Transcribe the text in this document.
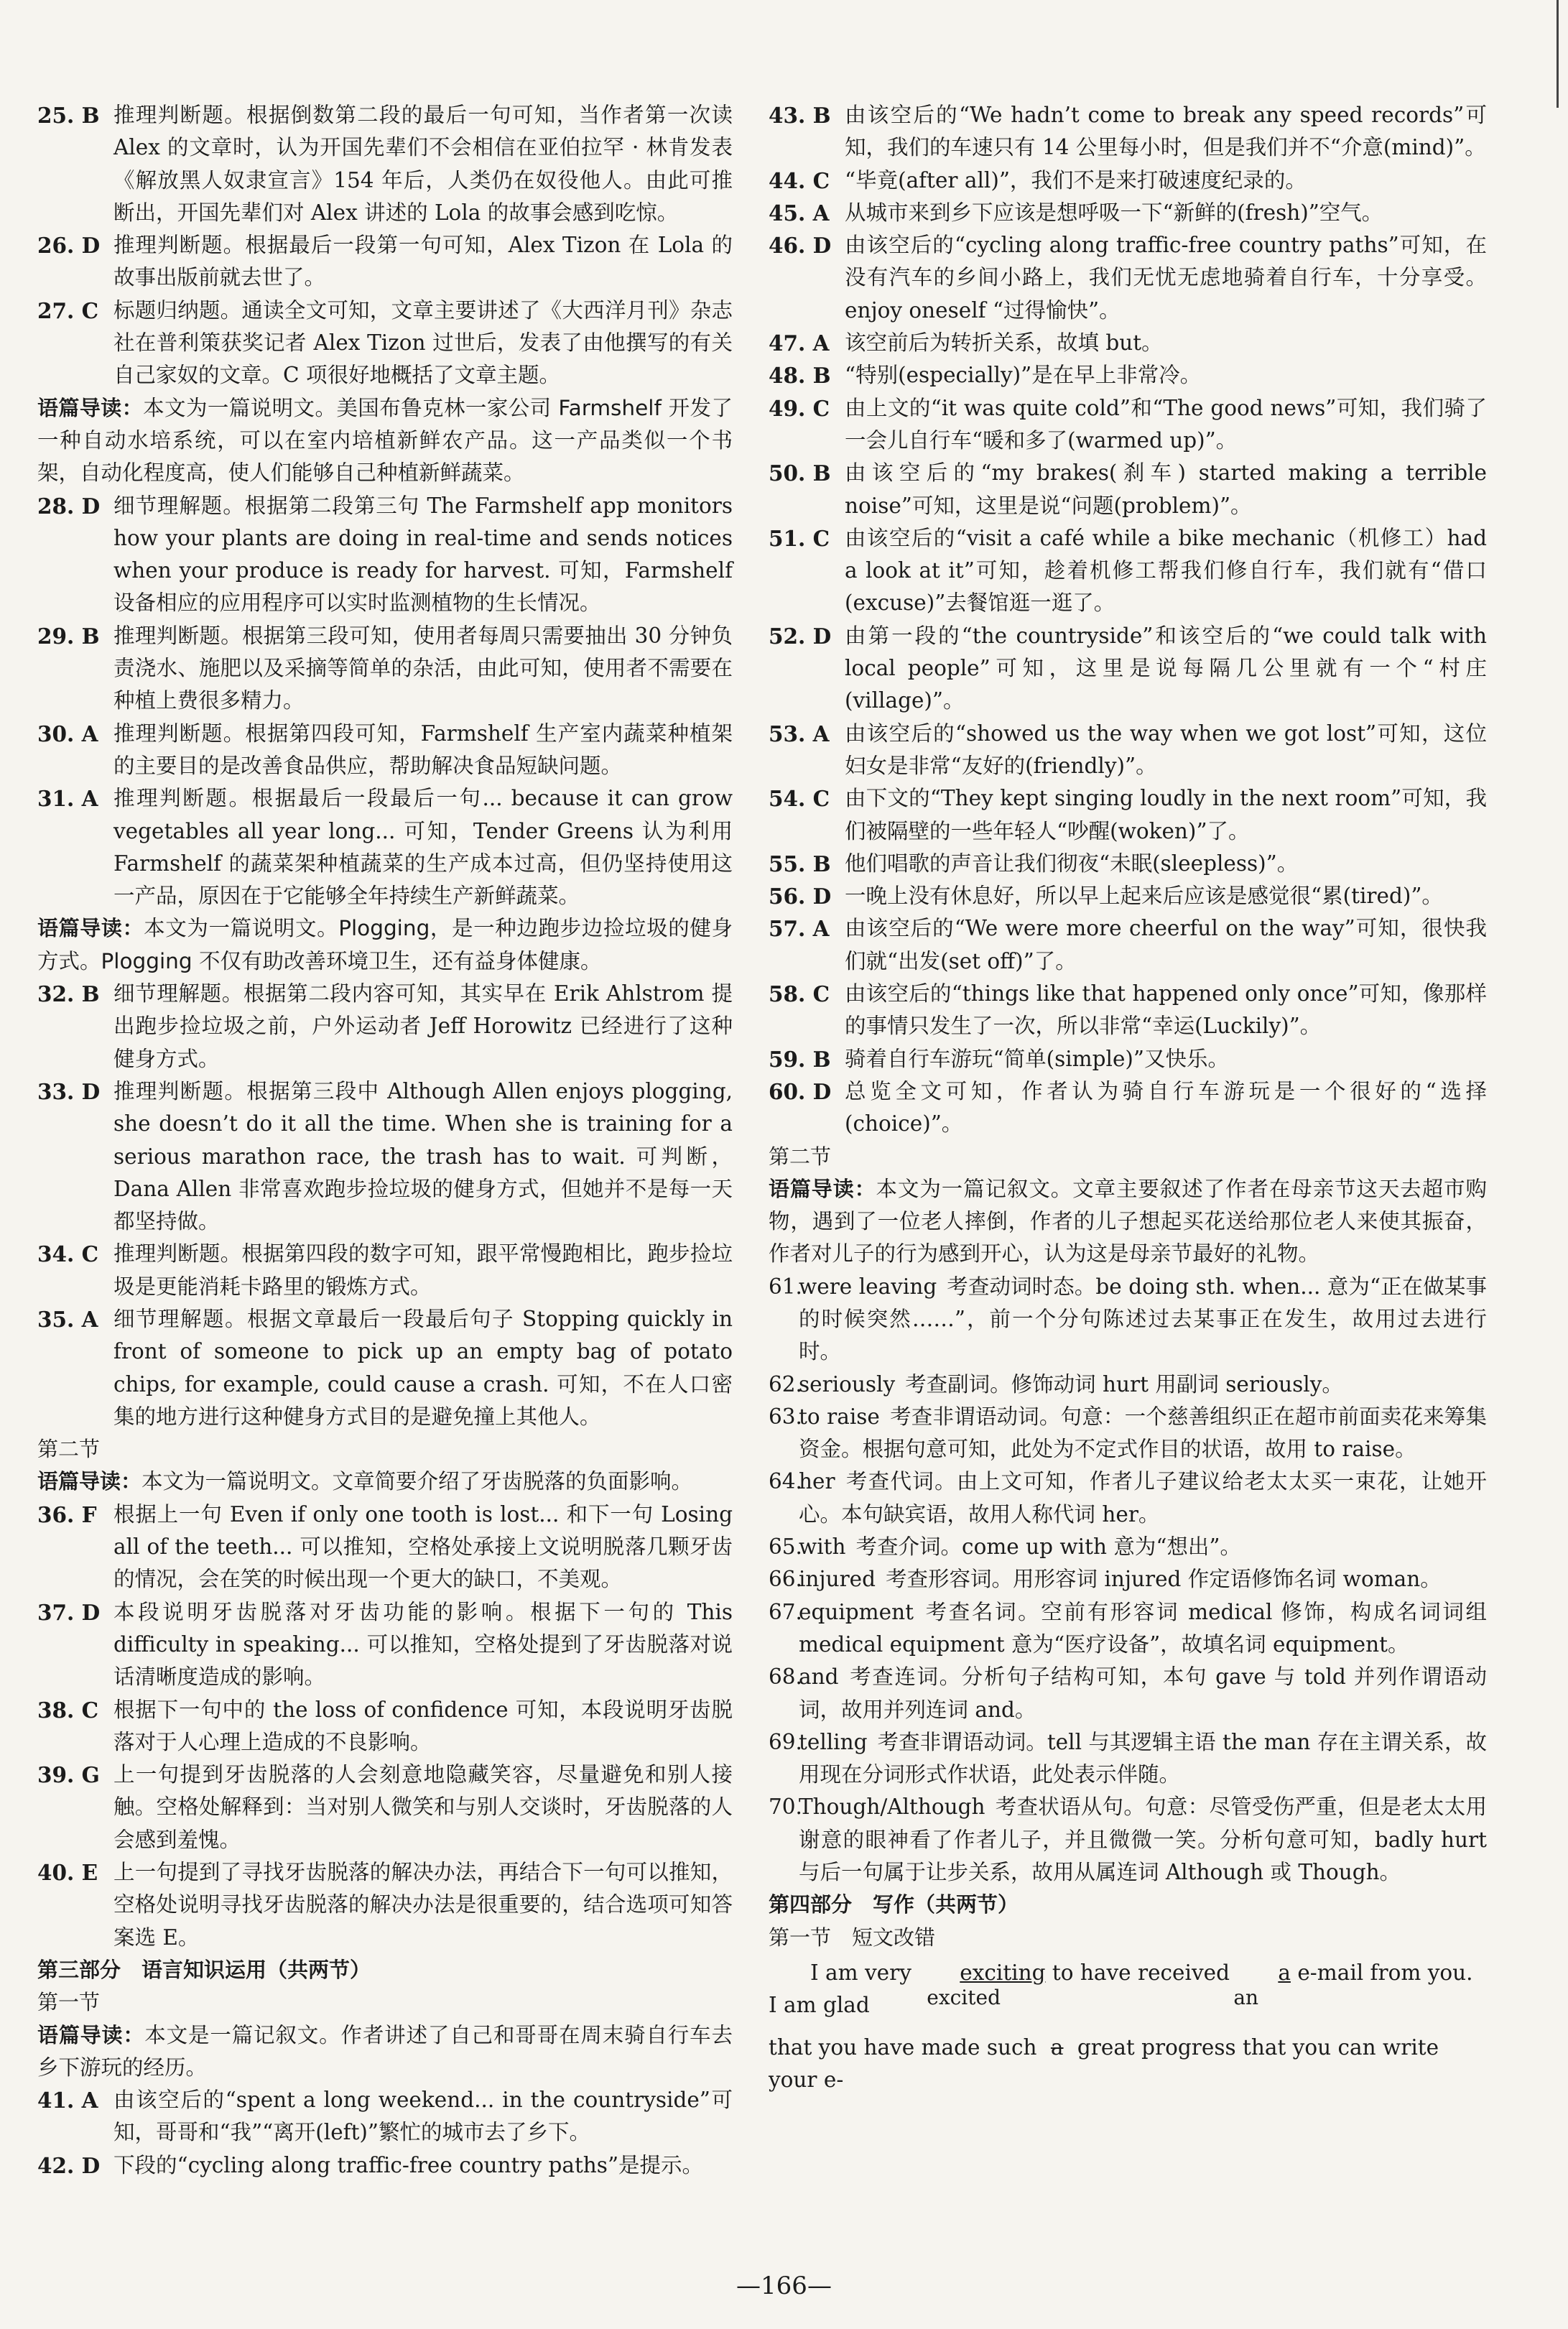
25. B 推理判断题。根据倒数第二段的最后一句可知，当作者第一次读 Alex 的文章时，认为开国先辈们不会相信在亚伯拉罕 · 林肯发表《解放黑人奴隶宣言》154 年后，人类仍在奴役他人。由此可推断出，开国先辈们对 Alex 讲述的 Lola 的故事会感到吃惊。
26. D 推理判断题。根据最后一段第一句可知，Alex Tizon 在 Lola 的故事出版前就去世了。
27. C 标题归纳题。通读全文可知，文章主要讲述了《大西洋月刊》杂志社在普利策获奖记者 Alex Tizon 过世后，发表了由他撰写的有关自己家奴的文章。C 项很好地概括了文章主题。
语篇导读：本文为一篇说明文。美国布鲁克林一家公司 Farmshelf 开发了一种自动水培系统，可以在室内培植新鲜农产品。这一产品类似一个书架，自动化程度高，使人们能够自己种植新鲜蔬菜。
28. D 细节理解题。根据第二段第三句 The Farmshelf app monitors how your plants are doing in real-time and sends notices when your produce is ready for harvest. 可知，Farmshelf 设备相应的应用程序可以实时监测植物的生长情况。
29. B 推理判断题。根据第三段可知，使用者每周只需要抽出 30 分钟负责浇水、施肥以及采摘等简单的杂活，由此可知，使用者不需要在种植上费很多精力。
30. A 推理判断题。根据第四段可知，Farmshelf 生产室内蔬菜种植架的主要目的是改善食品供应，帮助解决食品短缺问题。
31. A 推理判断题。根据最后一段最后一句... because it can grow vegetables all year long... 可知，Tender Greens 认为利用 Farmshelf 的蔬菜架种植蔬菜的生产成本过高，但仍坚持使用这一产品，原因在于它能够全年持续生产新鲜蔬菜。
语篇导读：本文为一篇说明文。Plogging，是一种边跑步边捡垃圾的健身方式。Plogging 不仅有助改善环境卫生，还有益身体健康。
32. B 细节理解题。根据第二段内容可知，其实早在 Erik Ahlstrom 提出跑步捡垃圾之前，户外运动者 Jeff Horowitz 已经进行了这种健身方式。
33. D 推理判断题。根据第三段中 Although Allen enjoys plogging, she doesn’t do it all the time. When she is training for a serious marathon race, the trash has to wait. 可判断，Dana Allen 非常喜欢跑步捡垃圾的健身方式，但她并不是每一天都坚持做。
34. C 推理判断题。根据第四段的数字可知，跟平常慢跑相比，跑步捡垃圾是更能消耗卡路里的锻炼方式。
35. A 细节理解题。根据文章最后一段最后句子 Stopping quickly in front of someone to pick up an empty bag of potato chips, for example, could cause a crash. 可知，不在人口密集的地方进行这种健身方式目的是避免撞上其他人。
第二节
语篇导读：本文为一篇说明文。文章简要介绍了牙齿脱落的负面影响。
36. F 根据上一句 Even if only one tooth is lost... 和下一句 Losing all of the teeth... 可以推知，空格处承接上文说明脱落几颗牙齿的情况，会在笑的时候出现一个更大的缺口，不美观。
37. D 本段说明牙齿脱落对牙齿功能的影响。根据下一句的 This difficulty in speaking... 可以推知，空格处提到了牙齿脱落对说话清晰度造成的影响。
38. C 根据下一句中的 the loss of confidence 可知，本段说明牙齿脱落对于人心理上造成的不良影响。
39. G 上一句提到牙齿脱落的人会刻意地隐藏笑容，尽量避免和别人接触。空格处解释到：当对别人微笑和与别人交谈时，牙齿脱落的人会感到羞愧。
40. E 上一句提到了寻找牙齿脱落的解决办法，再结合下一句可以推知，空格处说明寻找牙齿脱落的解决办法是很重要的，结合选项可知答案选 E。
第三部分　语言知识运用（共两节）
第一节
语篇导读：本文是一篇记叙文。作者讲述了自己和哥哥在周末骑自行车去乡下游玩的经历。
41. A 由该空后的“spent a long weekend... in the countryside”可知，哥哥和“我”“离开(left)”繁忙的城市去了乡下。
42. D 下段的“cycling along traffic-free country paths”是提示。
43. B 由该空后的“We hadn’t come to break any speed records”可知，我们的车速只有 14 公里每小时，但是我们并不“介意(mind)”。
44. C “毕竟(after all)”，我们不是来打破速度纪录的。
45. A 从城市来到乡下应该是想呼吸一下“新鲜的(fresh)”空气。
46. D 由该空后的“cycling along traffic-free country paths”可知，在没有汽车的乡间小路上，我们无忧无虑地骑着自行车，十分享受。enjoy oneself “过得愉快”。
47. A 该空前后为转折关系，故填 but。
48. B “特别(especially)”是在早上非常冷。
49. C 由上文的“it was quite cold”和“The good news”可知，我们骑了一会儿自行车“暖和多了(warmed up)”。
50. B 由该空后的“my brakes(刹车) started making a terrible noise”可知，这里是说“问题(problem)”。
51. C 由该空后的“visit a café while a bike mechanic（机修工）had a look at it”可知，趁着机修工帮我们修自行车，我们就有“借口(excuse)”去餐馆逛一逛了。
52. D 由第一段的“the countryside”和该空后的“we could talk with local people”可知，这里是说每隔几公里就有一个“村庄(village)”。
53. A 由该空后的“showed us the way when we got lost”可知，这位妇女是非常“友好的(friendly)”。
54. C 由下文的“They kept singing loudly in the next room”可知，我们被隔壁的一些年轻人“吵醒(woken)”了。
55. B 他们唱歌的声音让我们彻夜“未眠(sleepless)”。
56. D 一晚上没有休息好，所以早上起来后应该是感觉很“累(tired)”。
57. A 由该空后的“We were more cheerful on the way”可知，很快我们就“出发(set off)”了。
58. C 由该空后的“things like that happened only once”可知，像那样的事情只发生了一次，所以非常“幸运(Luckily)”。
59. B 骑着自行车游玩“简单(simple)”又快乐。
60. D 总览全文可知，作者认为骑自行车游玩是一个很好的“选择(choice)”。
第二节
语篇导读：本文为一篇记叙文。文章主要叙述了作者在母亲节这天去超市购物，遇到了一位老人摔倒，作者的儿子想起买花送给那位老人来使其振奋，作者对儿子的行为感到开心，认为这是母亲节最好的礼物。
61.
were leaving 考查动词时态。be doing sth. when... 意为“正在做某事的时候突然……”，前一个分句陈述过去某事正在发生，故用过去进行时。
62.
seriously 考查副词。修饰动词 hurt 用副词 seriously。
63.
to raise 考查非谓语动词。句意：一个慈善组织正在超市前面卖花来筹集资金。根据句意可知，此处为不定式作目的状语，故用 to raise。
64.
her 考查代词。由上文可知，作者儿子建议给老太太买一束花，让她开心。本句缺宾语，故用人称代词 her。
65.
with 考查介词。come up with 意为“想出”。
66.
injured 考查形容词。用形容词 injured 作定语修饰名词 woman。
67.
equipment 考查名词。空前有形容词 medical 修饰，构成名词词组 medical equipment 意为“医疗设备”，故填名词 equipment。
68.
and 考查连词。分析句子结构可知，本句 gave 与 told 并列作谓语动词，故用并列连词 and。
69.
telling 考查非谓语动词。tell 与其逻辑主语 the man 存在主谓关系，故用现在分词形式作状语，此处表示伴随。
70.
Though/Although 考查状语从句。句意：尽管受伤严重，但是老太太用谢意的眼神看了作者儿子，并且微微一笑。分析句意可知，badly hurt 与后一句属于让步关系，故用从属连词 Although 或 Though。
第四部分　写作（共两节）
第一节　短文改错
I am very exciting
excited
to have received a
an
e-mail from you. I am glad
that you have made such a great progress that you can write your e-
—166—
